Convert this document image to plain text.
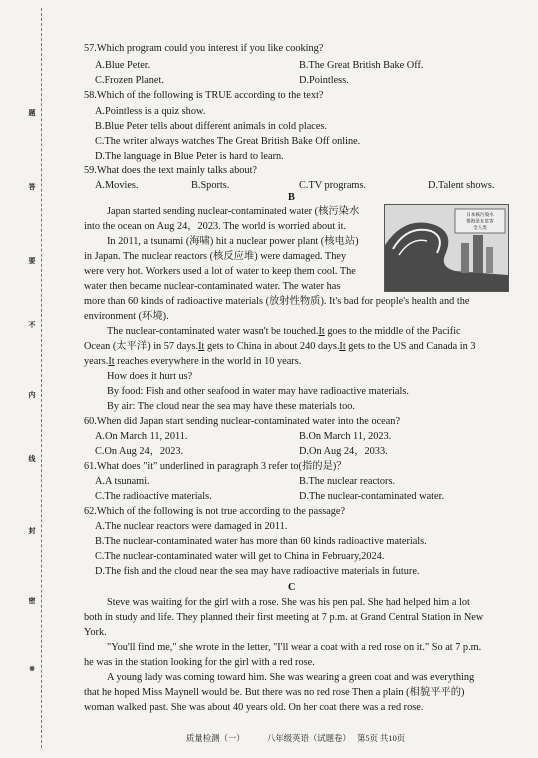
题
答
要
不
内
线
封
密
※
57.Which program could you interest if you like cooking?
A.Blue Peter.	B.The Great British Bake Off.
C.Frozen Planet.	D.Pointless.
58.Which of the following is TRUE according to the text?
A.Pointless is a quiz show.
B.Blue Peter tells about different animals in cold places.
C.The writer always watches The Great British Bake Off online.
D.The language in Blue Peter is hard to learn.
59.What does the text mainly talks about?
A.Movies.	B.Sports.	C.TV programs.	D.Talent shows.
B
日本核污染水
排海是在危害
全人类
Japan started sending nuclear-contaminated water (核污染水
into the ocean on Aug 24，2023. The world is worried about it.
In 2011, a tsunami (海啸) hit a nuclear power plant (核电站)
in Japan. The nuclear reactors (核反应堆) were damaged. They
were very hot. Workers used a lot of water to keep them cool. The
water then became nuclear-contaminated water. The water has
more than 60 kinds of radioactive materials (放射性物质). It's bad for people's health and the
environment (环境).
The nuclear-contaminated water wasn't be touched.It goes to the middle of the Pacific
Ocean (太平洋) in 57 days.It gets to China in about 240 days.It gets to the US and Canada in 3
years.It reaches everywhere in the world in 10 years.
How does it hurt us?
By food: Fish and other seafood in water may have radioactive materials.
By air: The cloud near the sea may have these materials too.
60.When did Japan start sending nuclear-contaminated water into the ocean?
A.On March 11, 2011.	B.On March 11, 2023.
C.On Aug 24，2023.	D.On Aug 24，2033.
61.What does "it" underlined in paragraph 3 refer to(指的是)？
A.A tsunami.	B.The nuclear reactors.
C.The radioactive materials.	D.The nuclear-contaminated water.
62.Which of the following is not true according to the passage?
A.The nuclear reactors were damaged in 2011.
B.The nuclear-contaminated water has more than 60 kinds radioactive materials.
C.The nuclear-contaminated water will get to China in February,2024.
D.The fish and the cloud near the sea may have radioactive materials in future.
C
Steve was waiting for the girl with a rose. She was his pen pal. She had helped him a lot
both in study and life. They planned their first meeting at 7 p.m. at Grand Central Station in New
York.
"You'll find me," she wrote in the letter, "I'll wear a coat with a red rose on it." So at 7 p.m.
he was in the station looking for the girl with a red rose.
A young lady was coming toward him. She was wearing a green coat and was everything
that he hoped Miss Maynell would be. But there was no red rose Then a plain (相貌平平的)
woman walked past. She was about 40 years old. On her coat there was a red rose.
质量检测（一）	八年级英语（试题卷） 第5页 共10页
